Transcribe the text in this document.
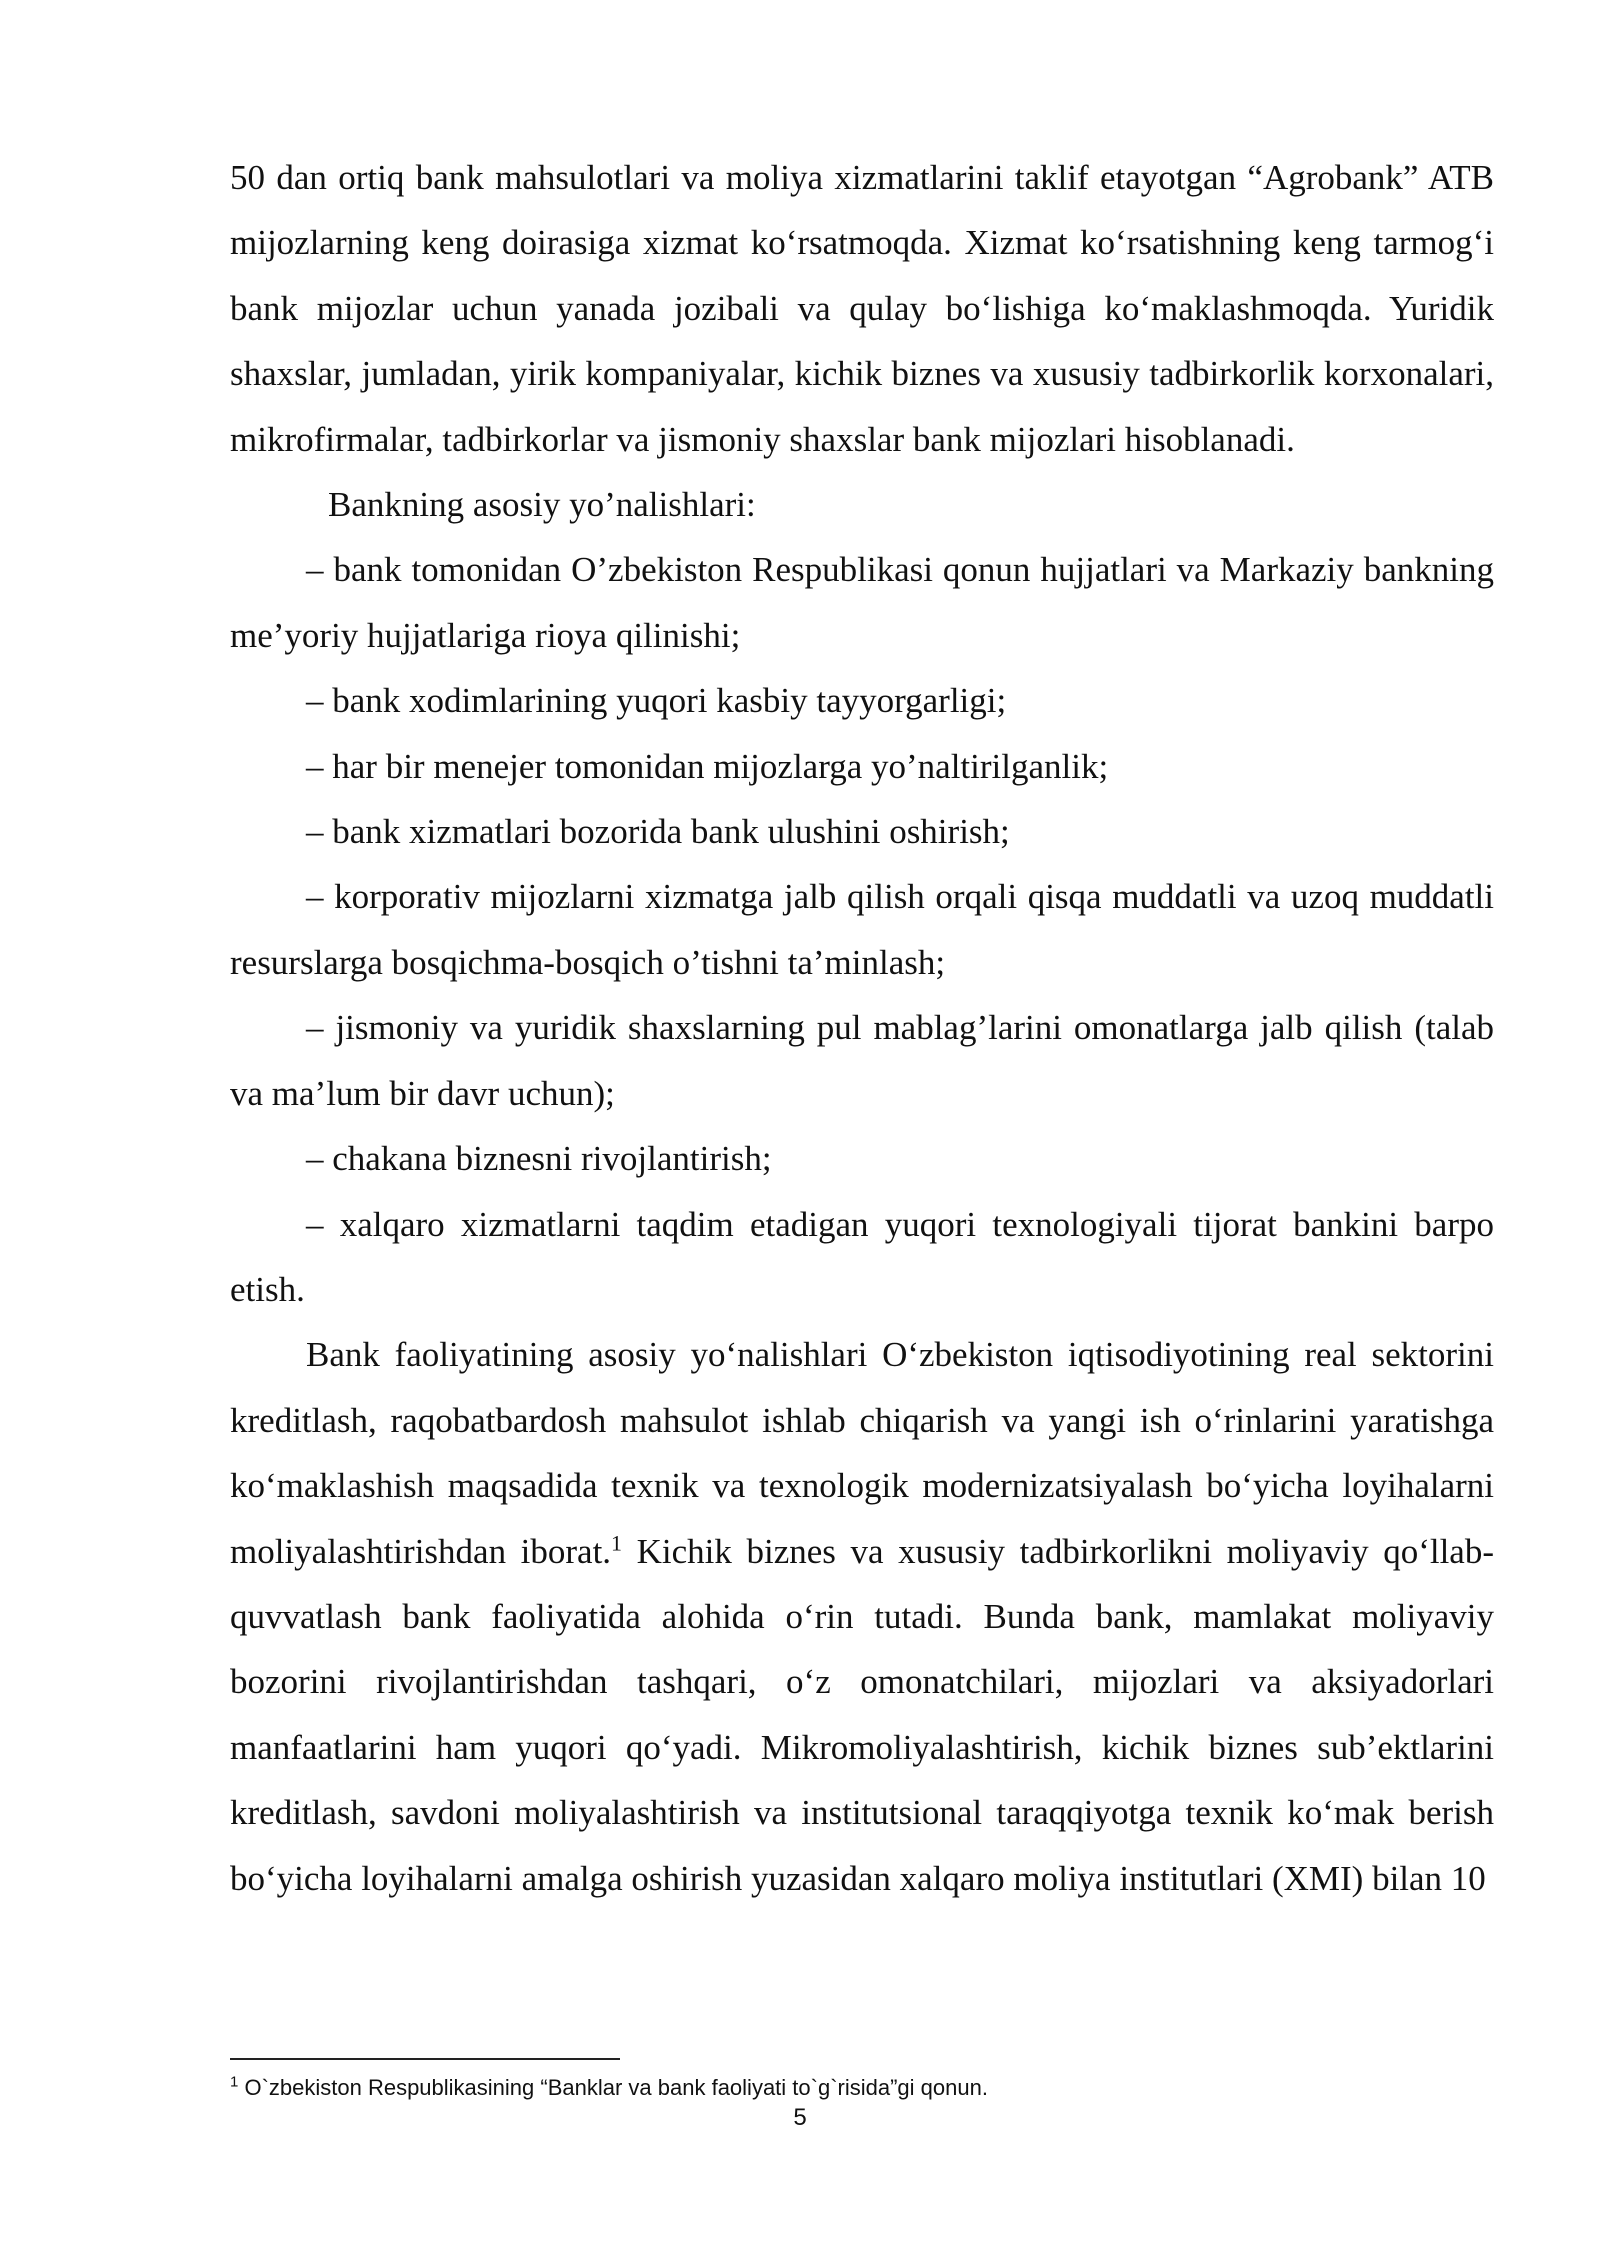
50 dan ortiq bank mahsulotlari va moliya xizmatlarini taklif etayotgan “Agrobank” ATB mijozlarning keng doirasiga xizmat ko‘rsatmoqda. Xizmat ko‘rsatishning keng tarmog‘i bank mijozlar uchun yanada jozibali va qulay bo‘lishiga ko‘maklashmoqda. Yuridik shaxslar, jumladan, yirik kompaniyalar, kichik biznes va xususiy tadbirkorlik korxonalari, mikrofirmalar, tadbirkorlar va jismoniy shaxslar bank mijozlari hisoblanadi.

Bankning asosiy yo’nalishlari:

– bank tomonidan O’zbekiston Respublikasi qonun hujjatlari va Markaziy bankning me’yoriy hujjatlariga rioya qilinishi;

– bank xodimlarining yuqori kasbiy tayyorgarligi;

– har bir menejer tomonidan mijozlarga yo’naltirilganlik;

– bank xizmatlari bozorida bank ulushini oshirish;

– korporativ mijozlarni xizmatga jalb qilish orqali qisqa muddatli va uzoq muddatli resurslarga bosqichma-bosqich o’tishni ta’minlash;

– jismoniy va yuridik shaxslarning pul mablag’larini omonatlarga jalb qilish (talab va ma’lum bir davr uchun);

– chakana biznesni rivojlantirish;

– xalqaro xizmatlarni taqdim etadigan yuqori texnologiyali tijorat bankini barpo etish.

Bank faoliyatining asosiy yo‘nalishlari O‘zbekiston iqtisodiyotining real sektorini kreditlash, raqobatbardosh mahsulot ishlab chiqarish va yangi ish o‘rinlarini yaratishga ko‘maklashish maqsadida texnik va texnologik modernizatsiyalash bo‘yicha loyihalarni moliyalashtirishdan iborat.$^1$ Kichik biznes va xususiy tadbirkorlikni moliyaviy qo‘llab-quvvatlash bank faoliyatida alohida o‘rin tutadi. Bunda bank, mamlakat moliyaviy bozorini rivojlantirishdan tashqari, o‘z omonatchilari, mijozlari va aksiyadorlari manfaatlarini ham yuqori qo‘yadi. Mikromoliyalashtirish, kichik biznes sub’ektlarini kreditlash, savdoni moliyalashtirish va institutsional taraqqiyotga texnik ko‘mak berish bo‘yicha loyihalarni amalga oshirish yuzasidan xalqaro moliya institutlari (XMI) bilan 10

$^1$ O`zbekiston Respublikasining “Banklar va bank faoliyati to`g`risida”gi qonun.
5
